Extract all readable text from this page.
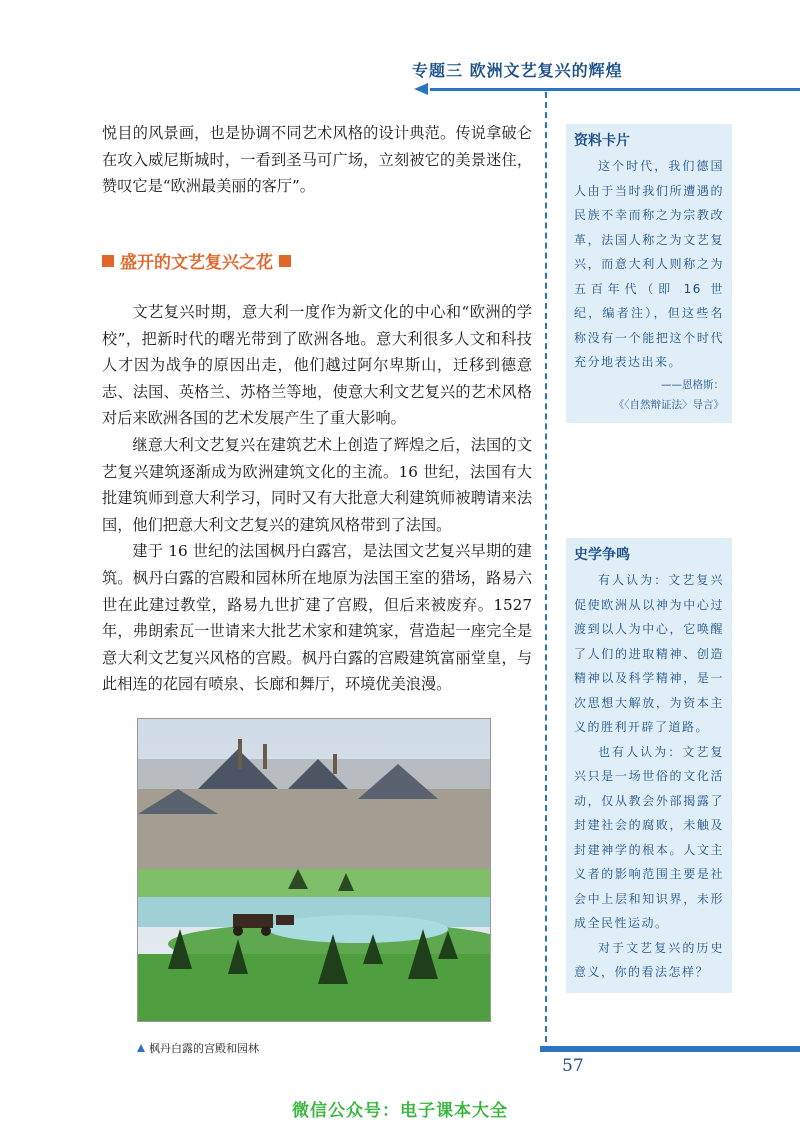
专题三 欧洲文艺复兴的辉煌

悦目的风景画，也是协调不同艺术风格的设计典范。传说拿破仑在攻入威尼斯城时，一看到圣马可广场，立刻被它的美景迷住，赞叹它是“欧洲最美丽的客厅”。

盛开的文艺复兴之花

文艺复兴时期，意大利一度作为新文化的中心和“欧洲的学校”，把新时代的曙光带到了欧洲各地。意大利很多人文和科技人才因为战争的原因出走，他们越过阿尔卑斯山，迁移到德意志、法国、英格兰、苏格兰等地，使意大利文艺复兴的艺术风格对后来欧洲各国的艺术发展产生了重大影响。

继意大利文艺复兴在建筑艺术上创造了辉煌之后，法国的文艺复兴建筑逐渐成为欧洲建筑文化的主流。16 世纪，法国有大批建筑师到意大利学习，同时又有大批意大利建筑师被聘请来法国，他们把意大利文艺复兴的建筑风格带到了法国。

建于 16 世纪的法国枫丹白露宫，是法国文艺复兴早期的建筑。枫丹白露的宫殿和园林所在地原为法国王室的猎场，路易六世在此建过教堂，路易九世扩建了宫殿，但后来被废弃。1527 年，弗朗索瓦一世请来大批艺术家和建筑家，营造起一座完全是意大利文艺复兴风格的宫殿。枫丹白露的宫殿建筑富丽堂皇，与此相连的花园有喷泉、长廊和舞厅，环境优美浪漫。

枫丹白露的宫殿和园林

资料卡片

这个时代，我们德国人由于当时我们所遭遇的民族不幸而称之为宗教改革，法国人称之为文艺复兴，而意大利人则称之为五百年代（即 16 世纪，编者注），但这些名称没有一个能把这个时代充分地表达出来。

——恩格斯：

《〈自然辩证法〉导言》

史学争鸣

有人认为：文艺复兴促使欧洲从以神为中心过渡到以人为中心，它唤醒了人们的进取精神、创造精神以及科学精神，是一次思想大解放，为资本主义的胜利开辟了道路。

也有人认为：文艺复兴只是一场世俗的文化活动，仅从教会外部揭露了封建社会的腐败，未触及封建神学的根本。人文主义者的影响范围主要是社会中上层和知识界，未形成全民性运动。

对于文艺复兴的历史意义，你的看法怎样？

57
微信公众号：电子课本大全
